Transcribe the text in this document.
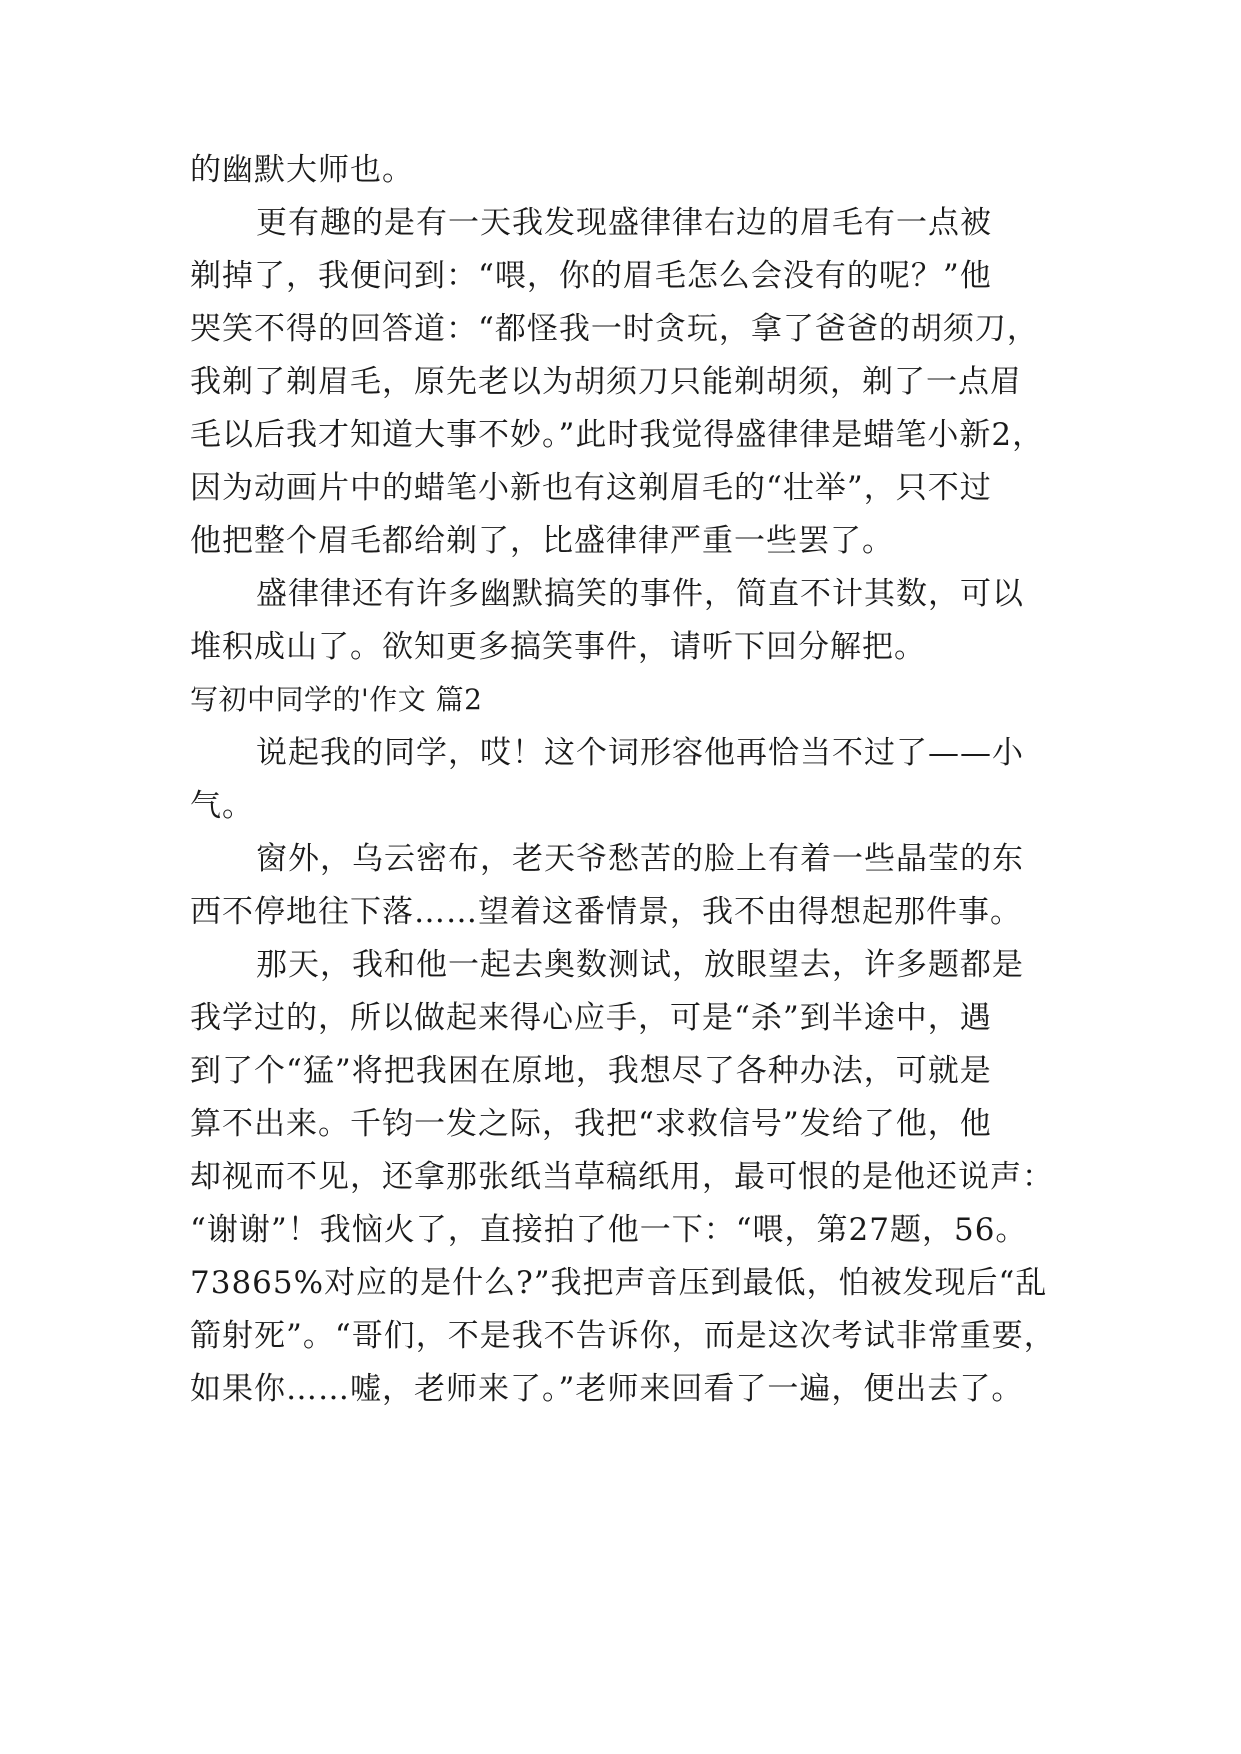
的幽默大师也。
更有趣的是有一天我发现盛律律右边的眉毛有一点被
剃掉了，我便问到：“喂，你的眉毛怎么会没有的呢？”他
哭笑不得的回答道：“都怪我一时贪玩，拿了爸爸的胡须刀，
我剃了剃眉毛，原先老以为胡须刀只能剃胡须，剃了一点眉
毛以后我才知道大事不妙。”此时我觉得盛律律是蜡笔小新2，
因为动画片中的蜡笔小新也有这剃眉毛的“壮举”，只不过
他把整个眉毛都给剃了，比盛律律严重一些罢了。
盛律律还有许多幽默搞笑的事件，简直不计其数，可以
堆积成山了。欲知更多搞笑事件，请听下回分解把。
写初中同学的'作文 篇2
说起我的同学，哎！这个词形容他再恰当不过了——小
气。
窗外，乌云密布，老天爷愁苦的脸上有着一些晶莹的东
西不停地往下落……望着这番情景，我不由得想起那件事。
那天，我和他一起去奥数测试，放眼望去，许多题都是
我学过的，所以做起来得心应手，可是“杀”到半途中，遇
到了个“猛”将把我困在原地，我想尽了各种办法，可就是
算不出来。千钧一发之际，我把“求救信号”发给了他，他
却视而不见，还拿那张纸当草稿纸用，最可恨的是他还说声：
“谢谢”！我恼火了，直接拍了他一下：“喂，第27题，56。
73865%对应的是什么?”我把声音压到最低，怕被发现后“乱
箭射死”。“哥们，不是我不告诉你，而是这次考试非常重要，
如果你……嘘，老师来了。”老师来回看了一遍，便出去了。
